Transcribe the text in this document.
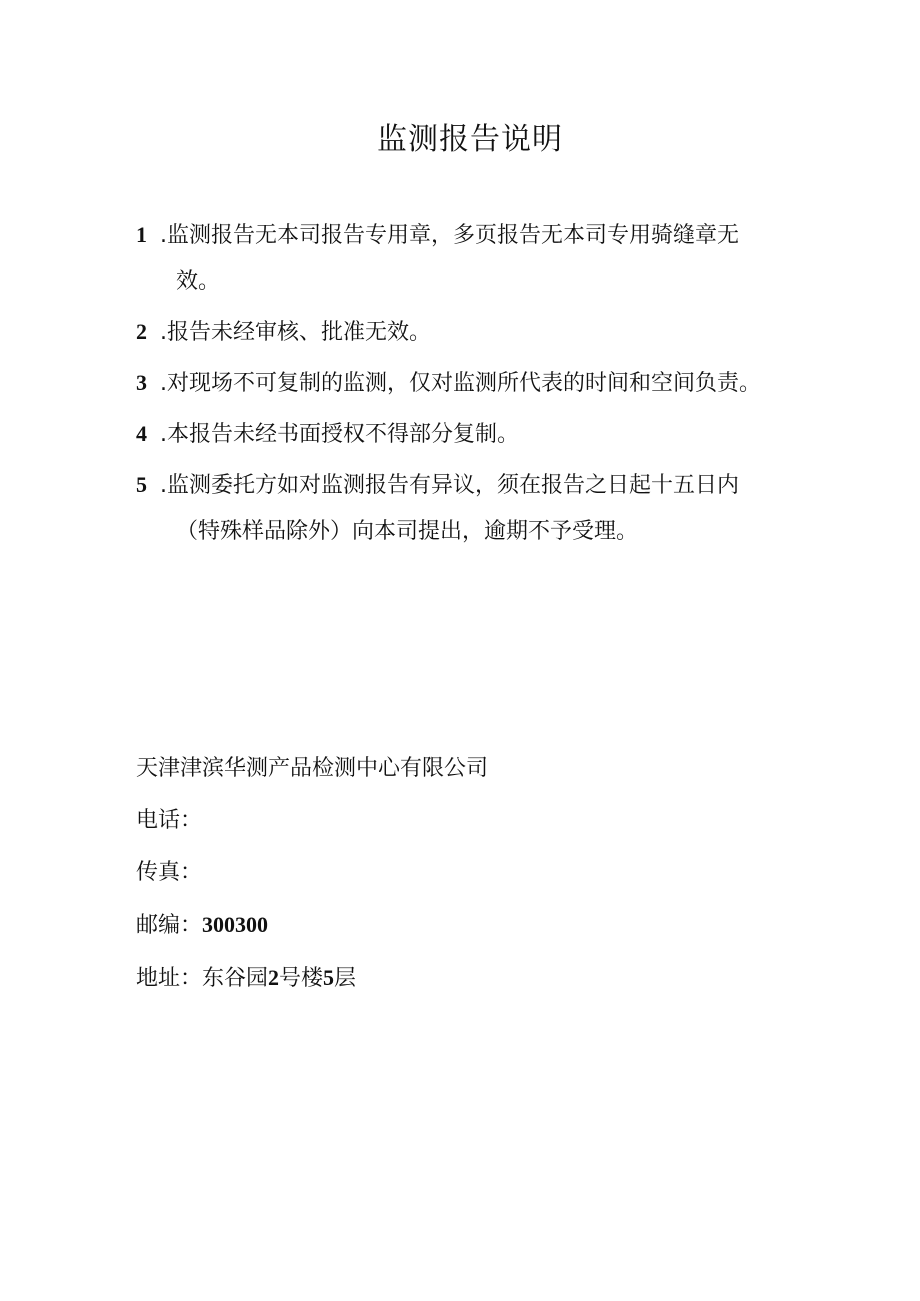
监测报告说明
1 .监测报告无本司报告专用章，多页报告无本司专用骑缝章无
效。
2 .报告未经审核、批准无效。
3 .对现场不可复制的监测，仅对监测所代表的时间和空间负责。
4 .本报告未经书面授权不得部分复制。
5 .监测委托方如对监测报告有异议，须在报告之日起十五日内
（特殊样品除外）向本司提出，逾期不予受理。
天津津滨华测产品检测中心有限公司
电话：
传真：
邮编：300300
地址：东谷园2号楼5层
